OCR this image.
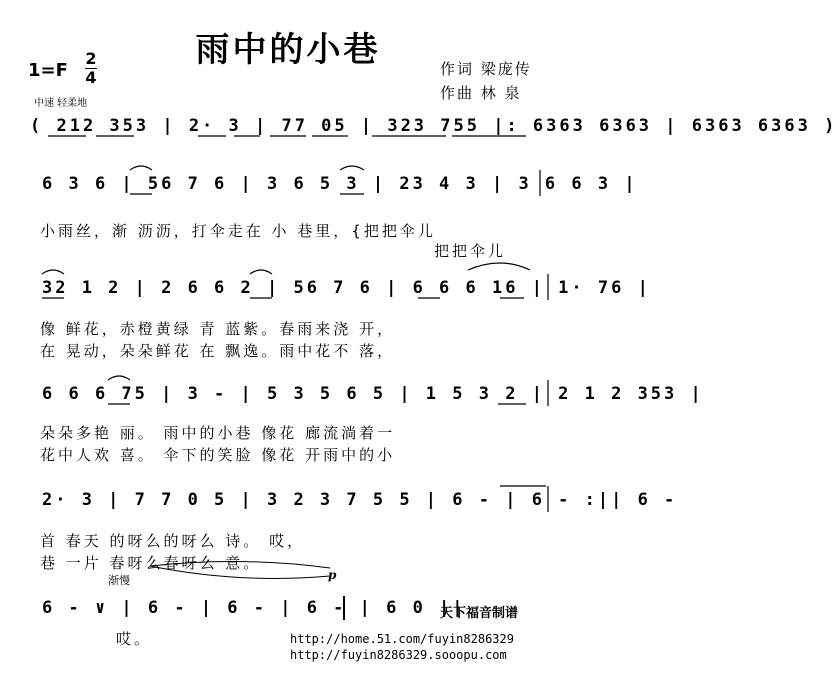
雨中的小巷
1=F
2
4
中速 轻柔地
作词 梁庞传
作曲 林 泉
( 212 353 | 2· 3 | 77 05 | 323 755 |: 6363 6363 | 6363 6363 )
6 3 6 | 56 7 6 | 3 6 5 3 | 23 4 3 | 3 6 6 3 |
小雨丝，渐 沥沥，打伞走在 小 巷里，{把把伞儿
把把伞儿
32 1 2 | 2 6 6 2 | 56 7 6 | 6 6 6 16 | 1· 76 |
像 鲜花，赤橙黄绿 青 蓝紫。春雨来浇 开，
在 晃动，朵朵鲜花 在 飘逸。雨中花不 落，
6 6 6 75 | 3 - | 5 3 5 6 5 | 1 5 3 2 | 2 1 2 353 |
朵朵多艳 丽。 雨中的小巷 像花 廊流淌着一
花中人欢 喜。 伞下的笑脸 像花 开雨中的小
2· 3 | 7 7 0 5 | 3 2 3 7 5 5 | 6 - | 6 - :|| 6 -
首 春天 的呀么的呀么 诗。 哎，
巷 一片 春呀么春呀么 意。
渐慢	p
6 - ∨ | 6 - | 6 - | 6 - | 6 0 ||
哎。
天下福音制谱
http://home.51.com/fuyin8286329
http://fuyin8286329.sooopu.com
